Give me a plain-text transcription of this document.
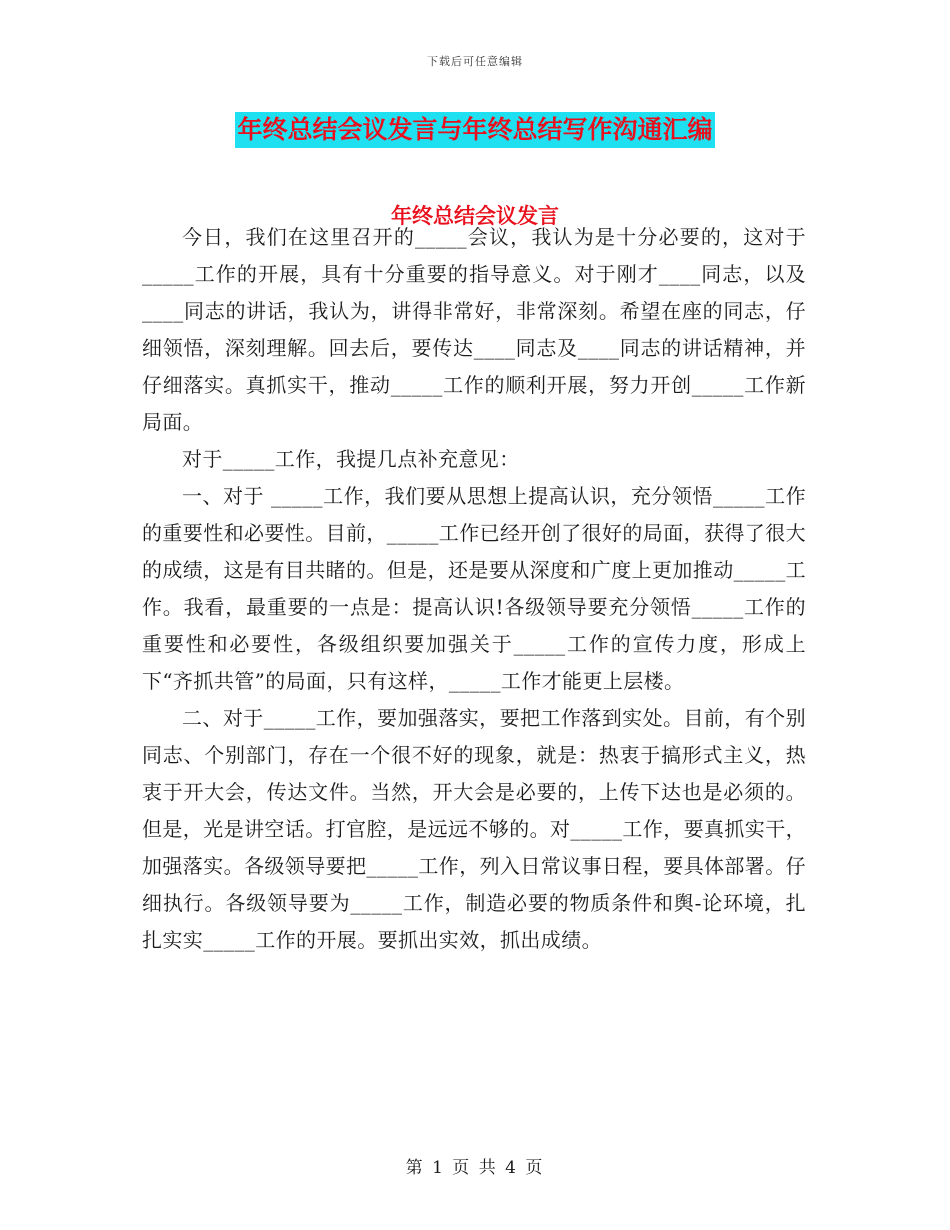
下载后可任意编辑
年终总结会议发言与年终总结写作沟通汇编
年终总结会议发言

今日，我们在这里召开的_____会议，我认为是十分必要的，这对于_____工作的开展，具有十分重要的指导意义。对于刚才____同志，以及____同志的讲话，我认为，讲得非常好，非常深刻。希望在座的同志，仔细领悟，深刻理解。回去后，要传达____同志及____同志的讲话精神，并仔细落实。真抓实干，推动_____工作的顺利开展，努力开创_____工作新局面。

对于_____工作，我提几点补充意见：

一、对于 _____工作，我们要从思想上提高认识，充分领悟_____工作的重要性和必要性。目前，_____工作已经开创了很好的局面，获得了很大的成绩，这是有目共睹的。但是，还是要从深度和广度上更加推动_____工作。我看，最重要的一点是：提高认识!各级领导要充分领悟_____工作的重要性和必要性，各级组织要加强关于_____工作的宣传力度，形成上下“齐抓共管”的局面，只有这样，_____工作才能更上层楼。

二、对于_____工作，要加强落实，要把工作落到实处。目前，有个别同志、个别部门，存在一个很不好的现象，就是：热衷于搞形式主义，热衷于开大会，传达文件。当然，开大会是必要的，上传下达也是必须的。但是，光是讲空话。打官腔，是远远不够的。对_____工作，要真抓实干，加强落实。各级领导要把_____工作，列入日常议事日程，要具体部署。仔细执行。各级领导要为_____工作，制造必要的物质条件和舆-论环境，扎扎实实_____工作的开展。要抓出实效，抓出成绩。

第 1 页 共 4 页
